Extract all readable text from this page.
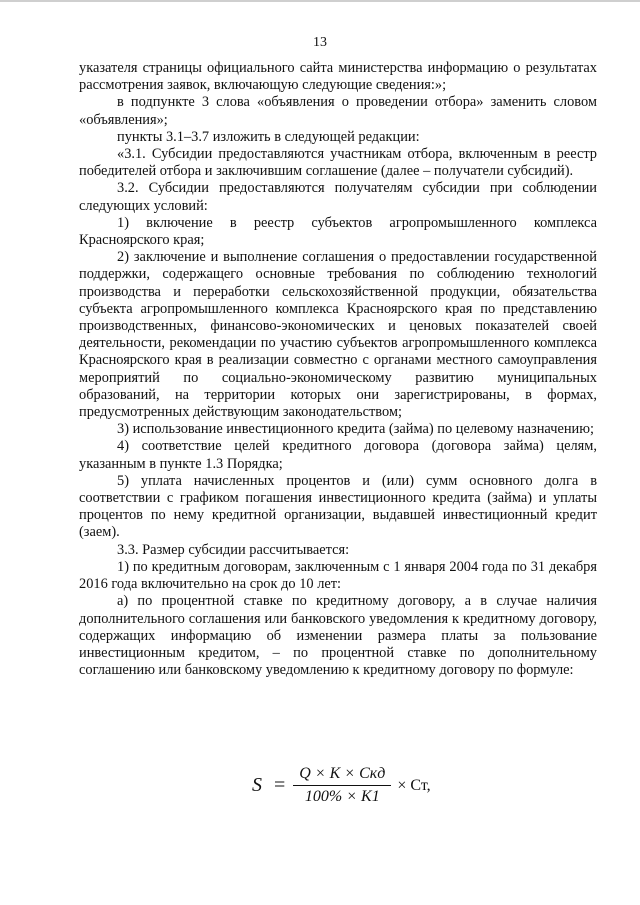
13

указателя страницы официального сайта министерства информацию о результатах рассмотрения заявок, включающую следующие сведения:»;

в подпункте 3 слова «объявления о проведении отбора» заменить словом «объявления»;

пункты 3.1–3.7 изложить в следующей редакции:

«3.1. Субсидии предоставляются участникам отбора, включенным в реестр победителей отбора и заключившим соглашение (далее – получатели субсидий).

3.2. Субсидии предоставляются получателям субсидии при соблюдении следующих условий:

1) включение в реестр субъектов агропромышленного комплекса Красноярского края;

2) заключение и выполнение соглашения о предоставлении государственной поддержки, содержащего основные требования по соблюдению технологий производства и переработки сельскохозяйственной продукции, обязательства субъекта агропромышленного комплекса Красноярского края по представлению производственных, финансово-экономических и ценовых показателей своей деятельности, рекомендации по участию субъектов агропромышленного комплекса Красноярского края в реализации совместно с органами местного самоуправления мероприятий по социально-экономическому развитию муниципальных образований, на территории которых они зарегистрированы, в формах, предусмотренных действующим законодательством;

3) использование инвестиционного кредита (займа) по целевому назначению;

4) соответствие целей кредитного договора (договора займа) целям, указанным в пункте 1.3 Порядка;

5) уплата начисленных процентов и (или) сумм основного долга в соответствии с графиком погашения инвестиционного кредита (займа) и уплаты процентов по нему кредитной организации, выдавшей инвестиционный кредит (заем).

3.3. Размер субсидии рассчитывается:

1) по кредитным договорам, заключенным с 1 января 2004 года по 31 декабря 2016 года включительно на срок до 10 лет:

а) по процентной ставке по кредитному договору, а в случае наличия дополнительного соглашения или банковского уведомления к кредитному договору, содержащих информацию об изменении размера платы за пользование инвестиционным кредитом, – по процентной ставке по дополнительному соглашению или банковскому уведомлению к кредитному договору по формуле:

$S = \frac{\text{Q × K × Скд}}{100\% \times K1}$ × Ст,
